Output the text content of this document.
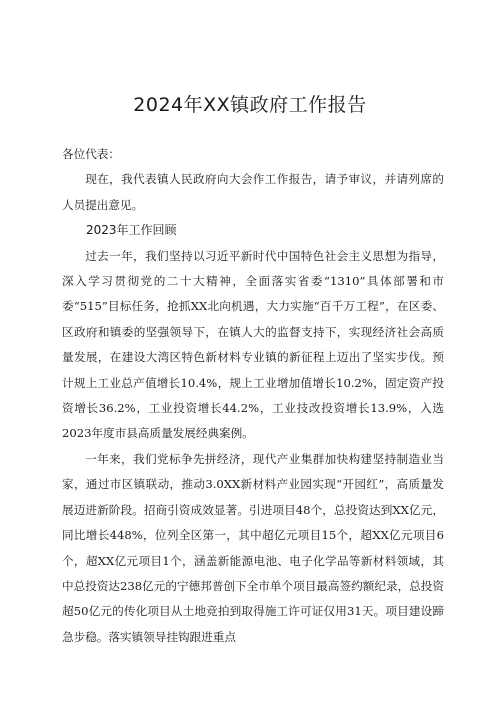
2024年XX镇政府工作报告

各位代表：

现在，我代表镇人民政府向大会作工作报告，请予审议，并请列席的人员提出意见。

2023年工作回顾

过去一年，我们坚持以习近平新时代中国特色社会主义思想为指导，深入学习贯彻党的二十大精神，全面落实省委“1310”具体部署和市委“515”目标任务，抢抓XX北向机遇，大力实施“百千万工程”，在区委、区政府和镇委的坚强领导下，在镇人大的监督支持下，实现经济社会高质量发展，在建设大湾区特色新材料专业镇的新征程上迈出了坚实步伐。预计规上工业总产值增长10.4%，规上工业增加值增长10.2%，固定资产投资增长36.2%，工业投资增长44.2%，工业技改投资增长13.9%，入选2023年度市县高质量发展经典案例。

一年来，我们党标争先拼经济，现代产业集群加快构建坚持制造业当家，通过市区镇联动，推动3.0XX新材料产业园实现“开园红”，高质量发展迈进新阶段。招商引资成效显著。引进项目48个，总投资达到XX亿元，同比增长448%，位列全区第一，其中超亿元项目15个，超XX亿元项目6个，超XX亿元项目1个，涵盖新能源电池、电子化学品等新材料领域，其中总投资达238亿元的宁德邦普创下全市单个项目最高签约额纪录，总投资超50亿元的传化项目从土地竞拍到取得施工许可证仅用31天。项目建设蹄急步稳。落实镇领导挂钩跟进重点
